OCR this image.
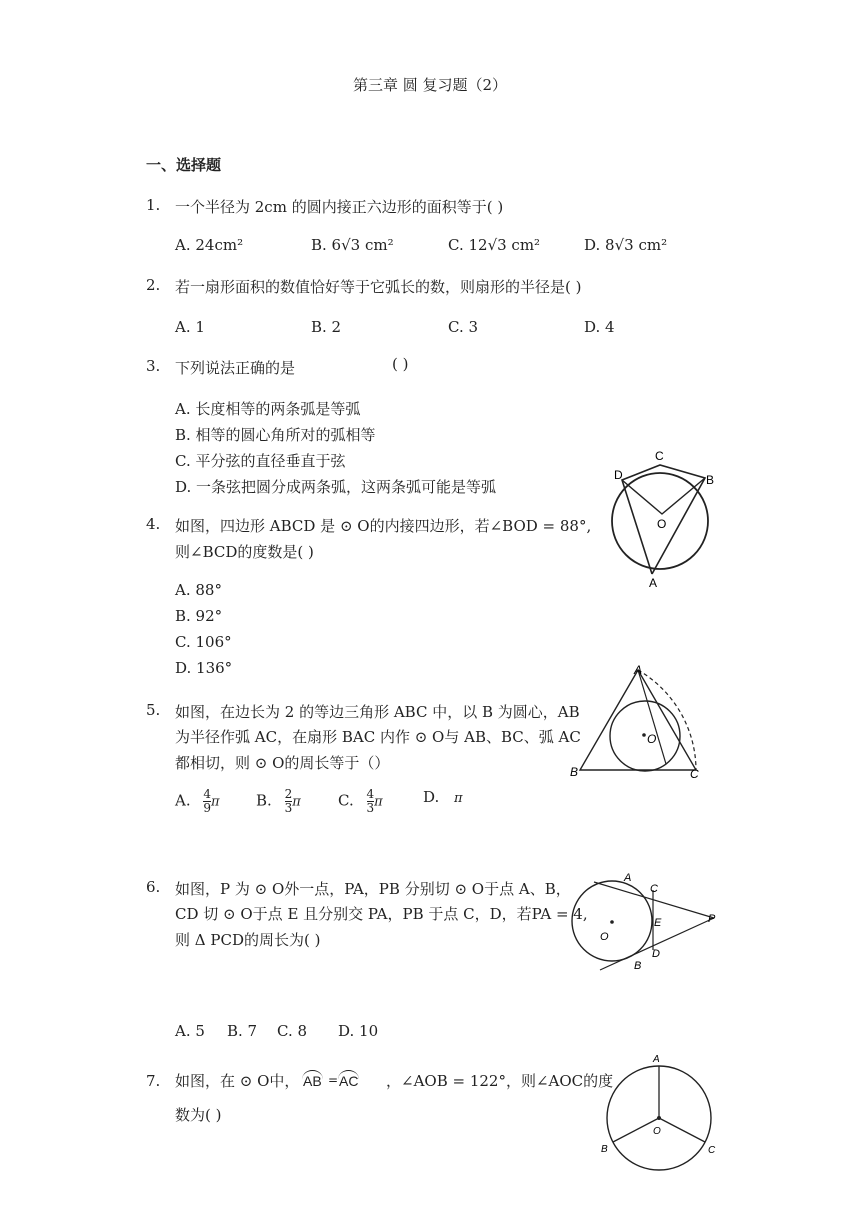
第三章 圆 复习题（2）
一、选择题
1. 一个半径为 2cm 的圆内接正六边形的面积等于( )
A. 24cm²	B. 6√3 cm²	C. 12√3 cm²	D. 8√3 cm²
2. 若一扇形面积的数值恰好等于它弧长的数，则扇形的半径是( )
A. 1	B. 2	C. 3	D. 4
3. 下列说法正确的是	( )
A. 长度相等的两条弧是等弧
B. 相等的圆心角所对的弧相等
C. 平分弦的直径垂直于弦
D. 一条弦把圆分成两条弧，这两条弧可能是等弧
C
D	B
O
A
4. 如图，四边形 ABCD 是 ⊙ O的内接四边形，若∠BOD = 88°,
则∠BCD的度数是( )
A. 88°
B. 92°
C. 106°
D. 136°	A
B	C
O
5. 如图，在边长为 2 的等边三角形 ABC 中，以 B 为圆心，AB
为半径作弧 AC，在扇形 BAC 内作 ⊙ O与 AB、BC、弧 AC
都相切，则 ⊙ O的周长等于（）
A. $\frac{4}{9}$ π B. $\frac{2}{3}$ π C. $\frac{4}{3}$ π	D. π
A
C
E	P
O
D
B
6. 如图，P 为 ⊙ O外一点，PA，PB 分别切 ⊙ O于点 A、B，
CD 切 ⊙ O于点 E 且分别交 PA，PB 于点 C，D，若PA = 4,
则 Δ PCD的周长为( )
A. 5 B. 7 C. 8 D. 10
7. 如图，在 ⊙ O中， AB = AC ，∠AOB = 122°，则∠AOC的度
数为( )
A
O
B	C
